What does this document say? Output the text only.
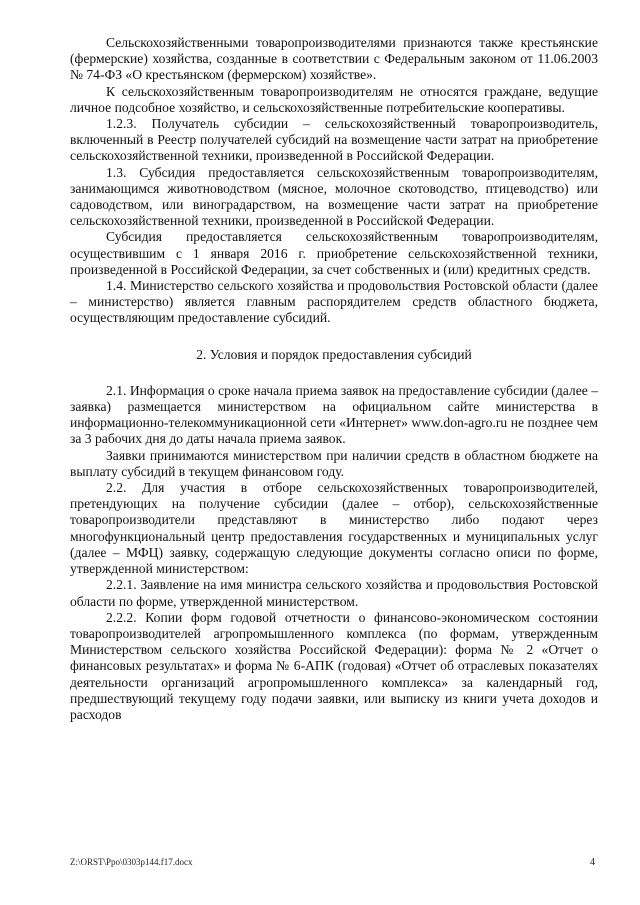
Сельскохозяйственными товаропроизводителями признаются также крестьянские (фермерские) хозяйства, созданные в соответствии с Федеральным законом от 11.06.2003 № 74-ФЗ «О крестьянском (фермерском) хозяйстве».

К сельскохозяйственным товаропроизводителям не относятся граждане, ведущие личное подсобное хозяйство, и сельскохозяйственные потребительские кооперативы.

1.2.3. Получатель субсидии – сельскохозяйственный товаропроизводитель, включенный в Реестр получателей субсидий на возмещение части затрат на приобретение сельскохозяйственной техники, произведенной в Российской Федерации.

1.3. Субсидия предоставляется сельскохозяйственным товаропроизводителям, занимающимся животноводством (мясное, молочное скотоводство, птицеводство) или садоводством, или виноградарством, на возмещение части затрат на приобретение сельскохозяйственной техники, произведенной в Российской Федерации.

Субсидия предоставляется сельскохозяйственным товаропроизводителям, осуществившим с 1 января 2016 г. приобретение сельскохозяйственной техники, произведенной в Российской Федерации, за счет собственных и (или) кредитных средств.

1.4. Министерство сельского хозяйства и продовольствия Ростовской области (далее – министерство) является главным распорядителем средств областного бюджета, осуществляющим предоставление субсидий.

2. Условия и порядок предоставления субсидий

2.1. Информация о сроке начала приема заявок на предоставление субсидии (далее – заявка) размещается министерством на официальном сайте министерства в информационно-телекоммуникационной сети «Интернет» www.don-agro.ru не позднее чем за 3 рабочих дня до даты начала приема заявок.

Заявки принимаются министерством при наличии средств в областном бюджете на выплату субсидий в текущем финансовом году.

2.2. Для участия в отборе сельскохозяйственных товаропроизводителей, претендующих на получение субсидии (далее – отбор), сельскохозяйственные товаропроизводители представляют в министерство либо подают через многофункциональный центр предоставления государственных и муниципальных услуг (далее – МФЦ) заявку, содержащую следующие документы согласно описи по форме, утвержденной министерством:

2.2.1. Заявление на имя министра сельского хозяйства и продовольствия Ростовской области по форме, утвержденной министерством.

2.2.2. Копии форм годовой отчетности о финансово-экономическом состоянии товаропроизводителей агропромышленного комплекса (по формам, утвержденным Министерством сельского хозяйства Российской Федерации): форма № 2 «Отчет о финансовых результатах» и форма № 6-АПК (годовая) «Отчет об отраслевых показателях деятельности организаций агропромышленного комплекса» за календарный год, предшествующий текущему году подачи заявки, или выписку из книги учета доходов и расходов

Z:\ORST\Ppo\0303p144.f17.docx	4
